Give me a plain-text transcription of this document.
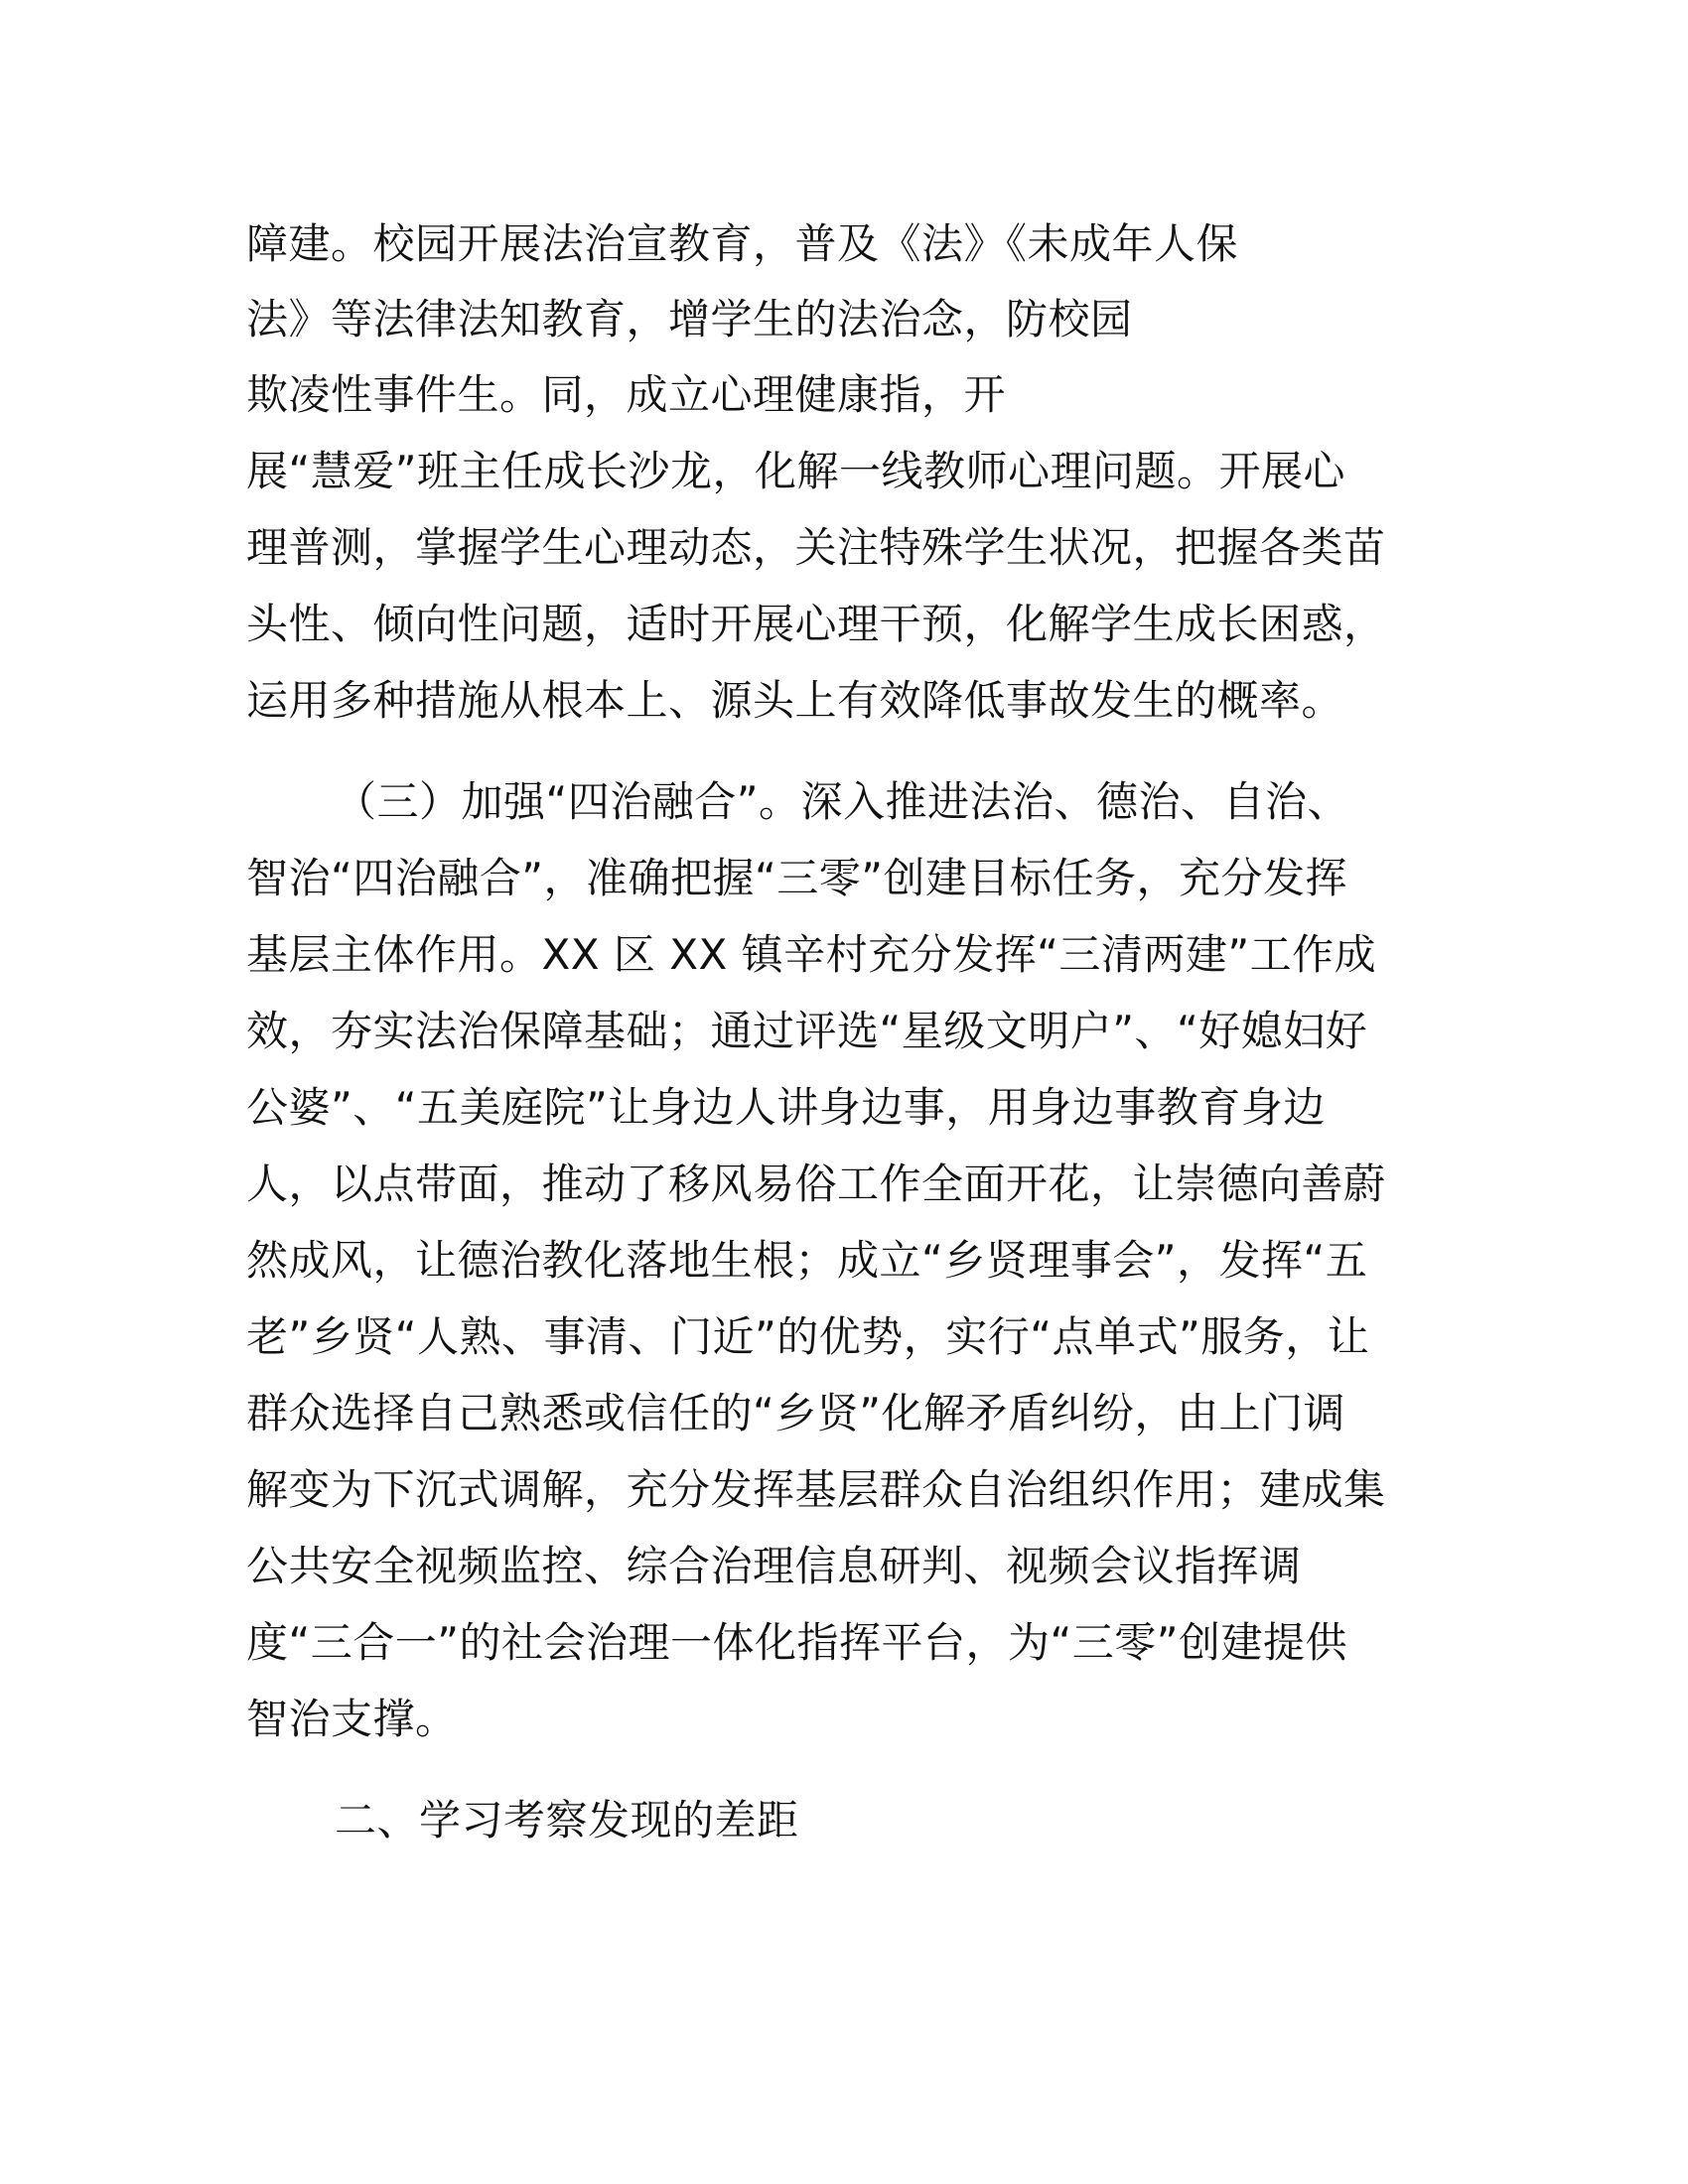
障建。校园开展法治宣教育，普及《法》《未成年人保
法》等法律法知教育，增学生的法治念，防校园
欺凌性事件生。同，成立心理健康指，开
展“慧爱”班主任成长沙龙，化解一线教师心理问题。开展心
理普测，掌握学生心理动态，关注特殊学生状况，把握各类苗
头性、倾向性问题，适时开展心理干预，化解学生成长困惑，
运用多种措施从根本上、源头上有效降低事故发生的概率。
（三）加强“四治融合”。深入推进法治、德治、自治、
智治“四治融合”，准确把握“三零”创建目标任务，充分发挥
基层主体作用。XX 区 XX 镇辛村充分发挥“三清两建”工作成
效，夯实法治保障基础；通过评选“星级文明户”、“好媳妇好
公婆”、“五美庭院”让身边人讲身边事，用身边事教育身边
人，以点带面，推动了移风易俗工作全面开花，让崇德向善蔚
然成风，让德治教化落地生根；成立“乡贤理事会”，发挥“五
老”乡贤“人熟、事清、门近”的优势，实行“点单式”服务，让
群众选择自己熟悉或信任的“乡贤”化解矛盾纠纷，由上门调
解变为下沉式调解，充分发挥基层群众自治组织作用；建成集
公共安全视频监控、综合治理信息研判、视频会议指挥调
度“三合一”的社会治理一体化指挥平台，为“三零”创建提供
智治支撑。
二、学习考察发现的差距
